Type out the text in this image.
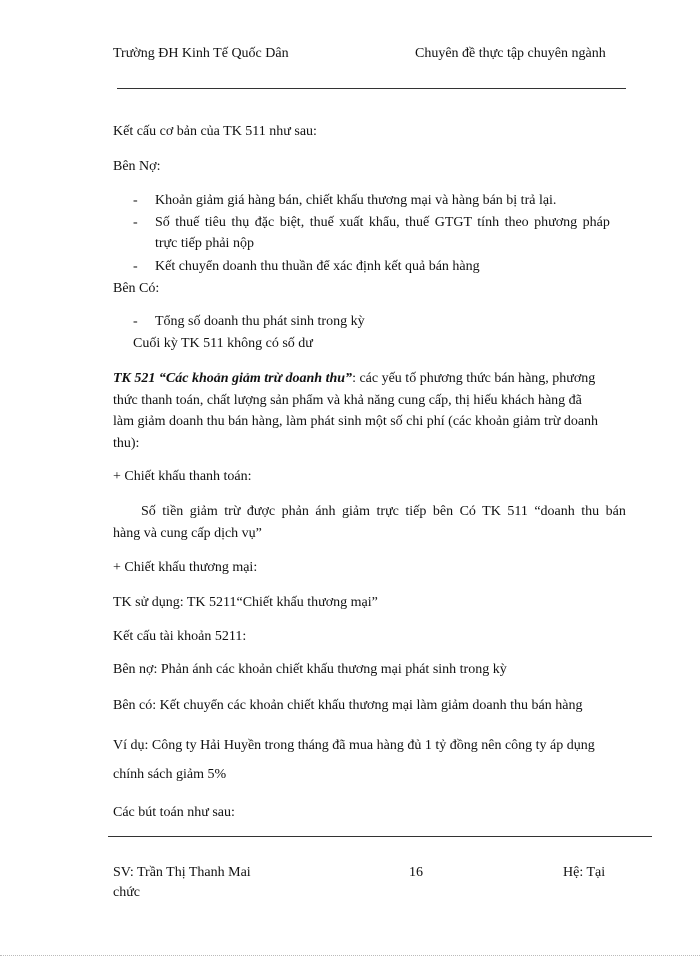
Trường ĐH Kinh Tế Quốc Dân	Chuyên đề thực tập chuyên ngành
Kết cấu cơ bản của TK 511 như sau:
Bên Nợ:
- Khoản giảm giá hàng bán, chiết khấu thương mại và hàng bán bị trả lại.
- Số thuế tiêu thụ đặc biệt, thuế xuất khẩu, thuế GTGT tính theo phương pháp
trực tiếp phải nộp
- Kết chuyển doanh thu thuần để xác định kết quả bán hàng
Bên Có:
- Tổng số doanh thu phát sinh trong kỳ
Cuối kỳ TK 511 không có số dư
TK 521 “Các khoản giảm trừ doanh thu”: các yếu tố phương thức bán hàng, phương
thức thanh toán, chất lượng sản phẩm và khả năng cung cấp, thị hiếu khách hàng đã
làm giảm doanh thu bán hàng, làm phát sinh một số chi phí (các khoản giảm trừ doanh
thu):
+ Chiết khấu thanh toán:
Số tiền giảm trừ được phản ánh giảm trực tiếp bên Có TK 511 “doanh thu bán
hàng và cung cấp dịch vụ”
+ Chiết khấu thương mại:
TK sử dụng: TK 5211“Chiết khấu thương mại”
Kết cấu tài khoản 5211:
Bên nợ: Phản ánh các khoản chiết khấu thương mại phát sinh trong kỳ
Bên có: Kết chuyển các khoản chiết khấu thương mại làm giảm doanh thu bán hàng
Ví dụ: Công ty Hải Huyền trong tháng đã mua hàng đủ 1 tỷ đồng nên công ty áp dụng
chính sách giảm 5%
Các bút toán như sau:
SV: Trần Thị Thanh Mai
chức
16	Hệ: Tại
